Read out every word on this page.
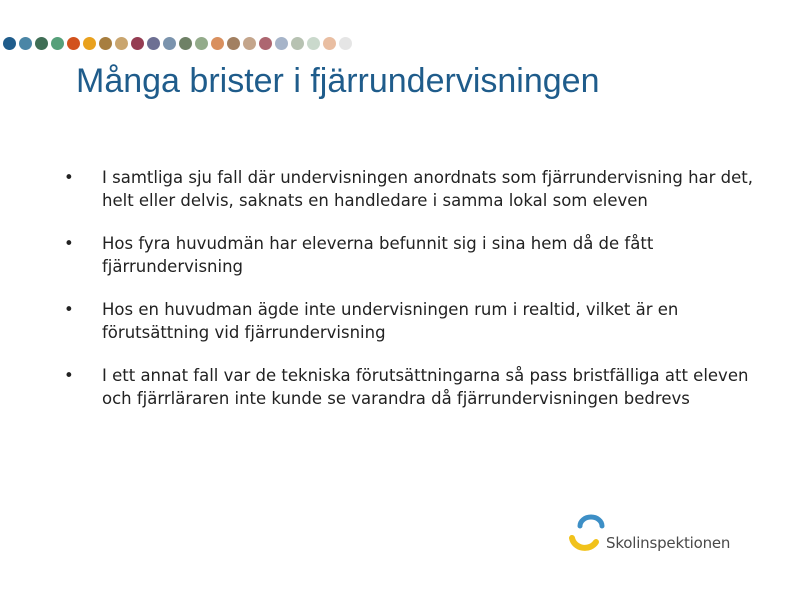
Många brister i fjärrundervisningen
• I samtliga sju fall där undervisningen anordnats som fjärrundervisning har det, helt eller delvis, saknats en handledare i samma lokal som eleven
• Hos fyra huvudmän har eleverna befunnit sig i sina hem då de fått fjärrundervisning
• Hos en huvudman ägde inte undervisningen rum i realtid, vilket är en förutsättning vid fjärrundervisning
• I ett annat fall var de tekniska förutsättningarna så pass bristfälliga att eleven och fjärrläraren inte kunde se varandra då fjärrundervisningen bedrevs
Skolinspektionen
